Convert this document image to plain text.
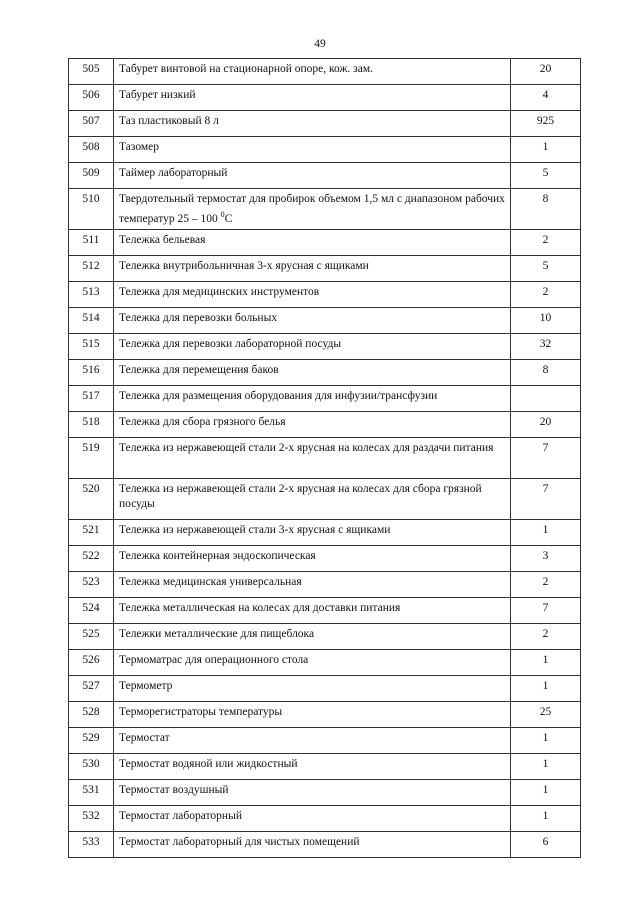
49
505	Табурет винтовой на стационарной опоре, кож. зам.	20
506	Табурет низкий	4
507	Таз пластиковый 8 л	925
508	Тазомер	1
509	Таймер лабораторный	5
510	Твердотельный термостат для пробирок объемом 1,5 мл с диапазоном рабочих температур 25 – 100 $^0$С	8
511	Тележка бельевая	2
512	Тележка внутрибольничная 3-х ярусная с ящиками	5
513	Тележка для медицинских инструментов	2
514	Тележка для перевозки больных	10
515	Тележка для перевозки лабораторной посуды	32
516	Тележка для перемещения баков	8
517	Тележка для размещения оборудования для инфузии/трансфузии	
518	Тележка для сбора грязного белья	20
519	Тележка из нержавеющей стали 2-х ярусная на колесах для раздачи питания	7
520	Тележка из нержавеющей стали 2-х ярусная на колесах для сбора грязной посуды	7
521	Тележка из нержавеющей стали 3-х ярусная с ящиками	1
522	Тележка контейнерная эндоскопическая	3
523	Тележка медицинская универсальная	2
524	Тележка металлическая на колесах для доставки питания	7
525	Тележки металлические для пищеблока	2
526	Термоматрас для операционного стола	1
527	Термометр	1
528	Терморегистраторы температуры	25
529	Термостат	1
530	Термостат водяной или жидкостный	1
531	Термостат воздушный	1
532	Термостат лабораторный	1
533	Термостат лабораторный для чистых помещений	6
